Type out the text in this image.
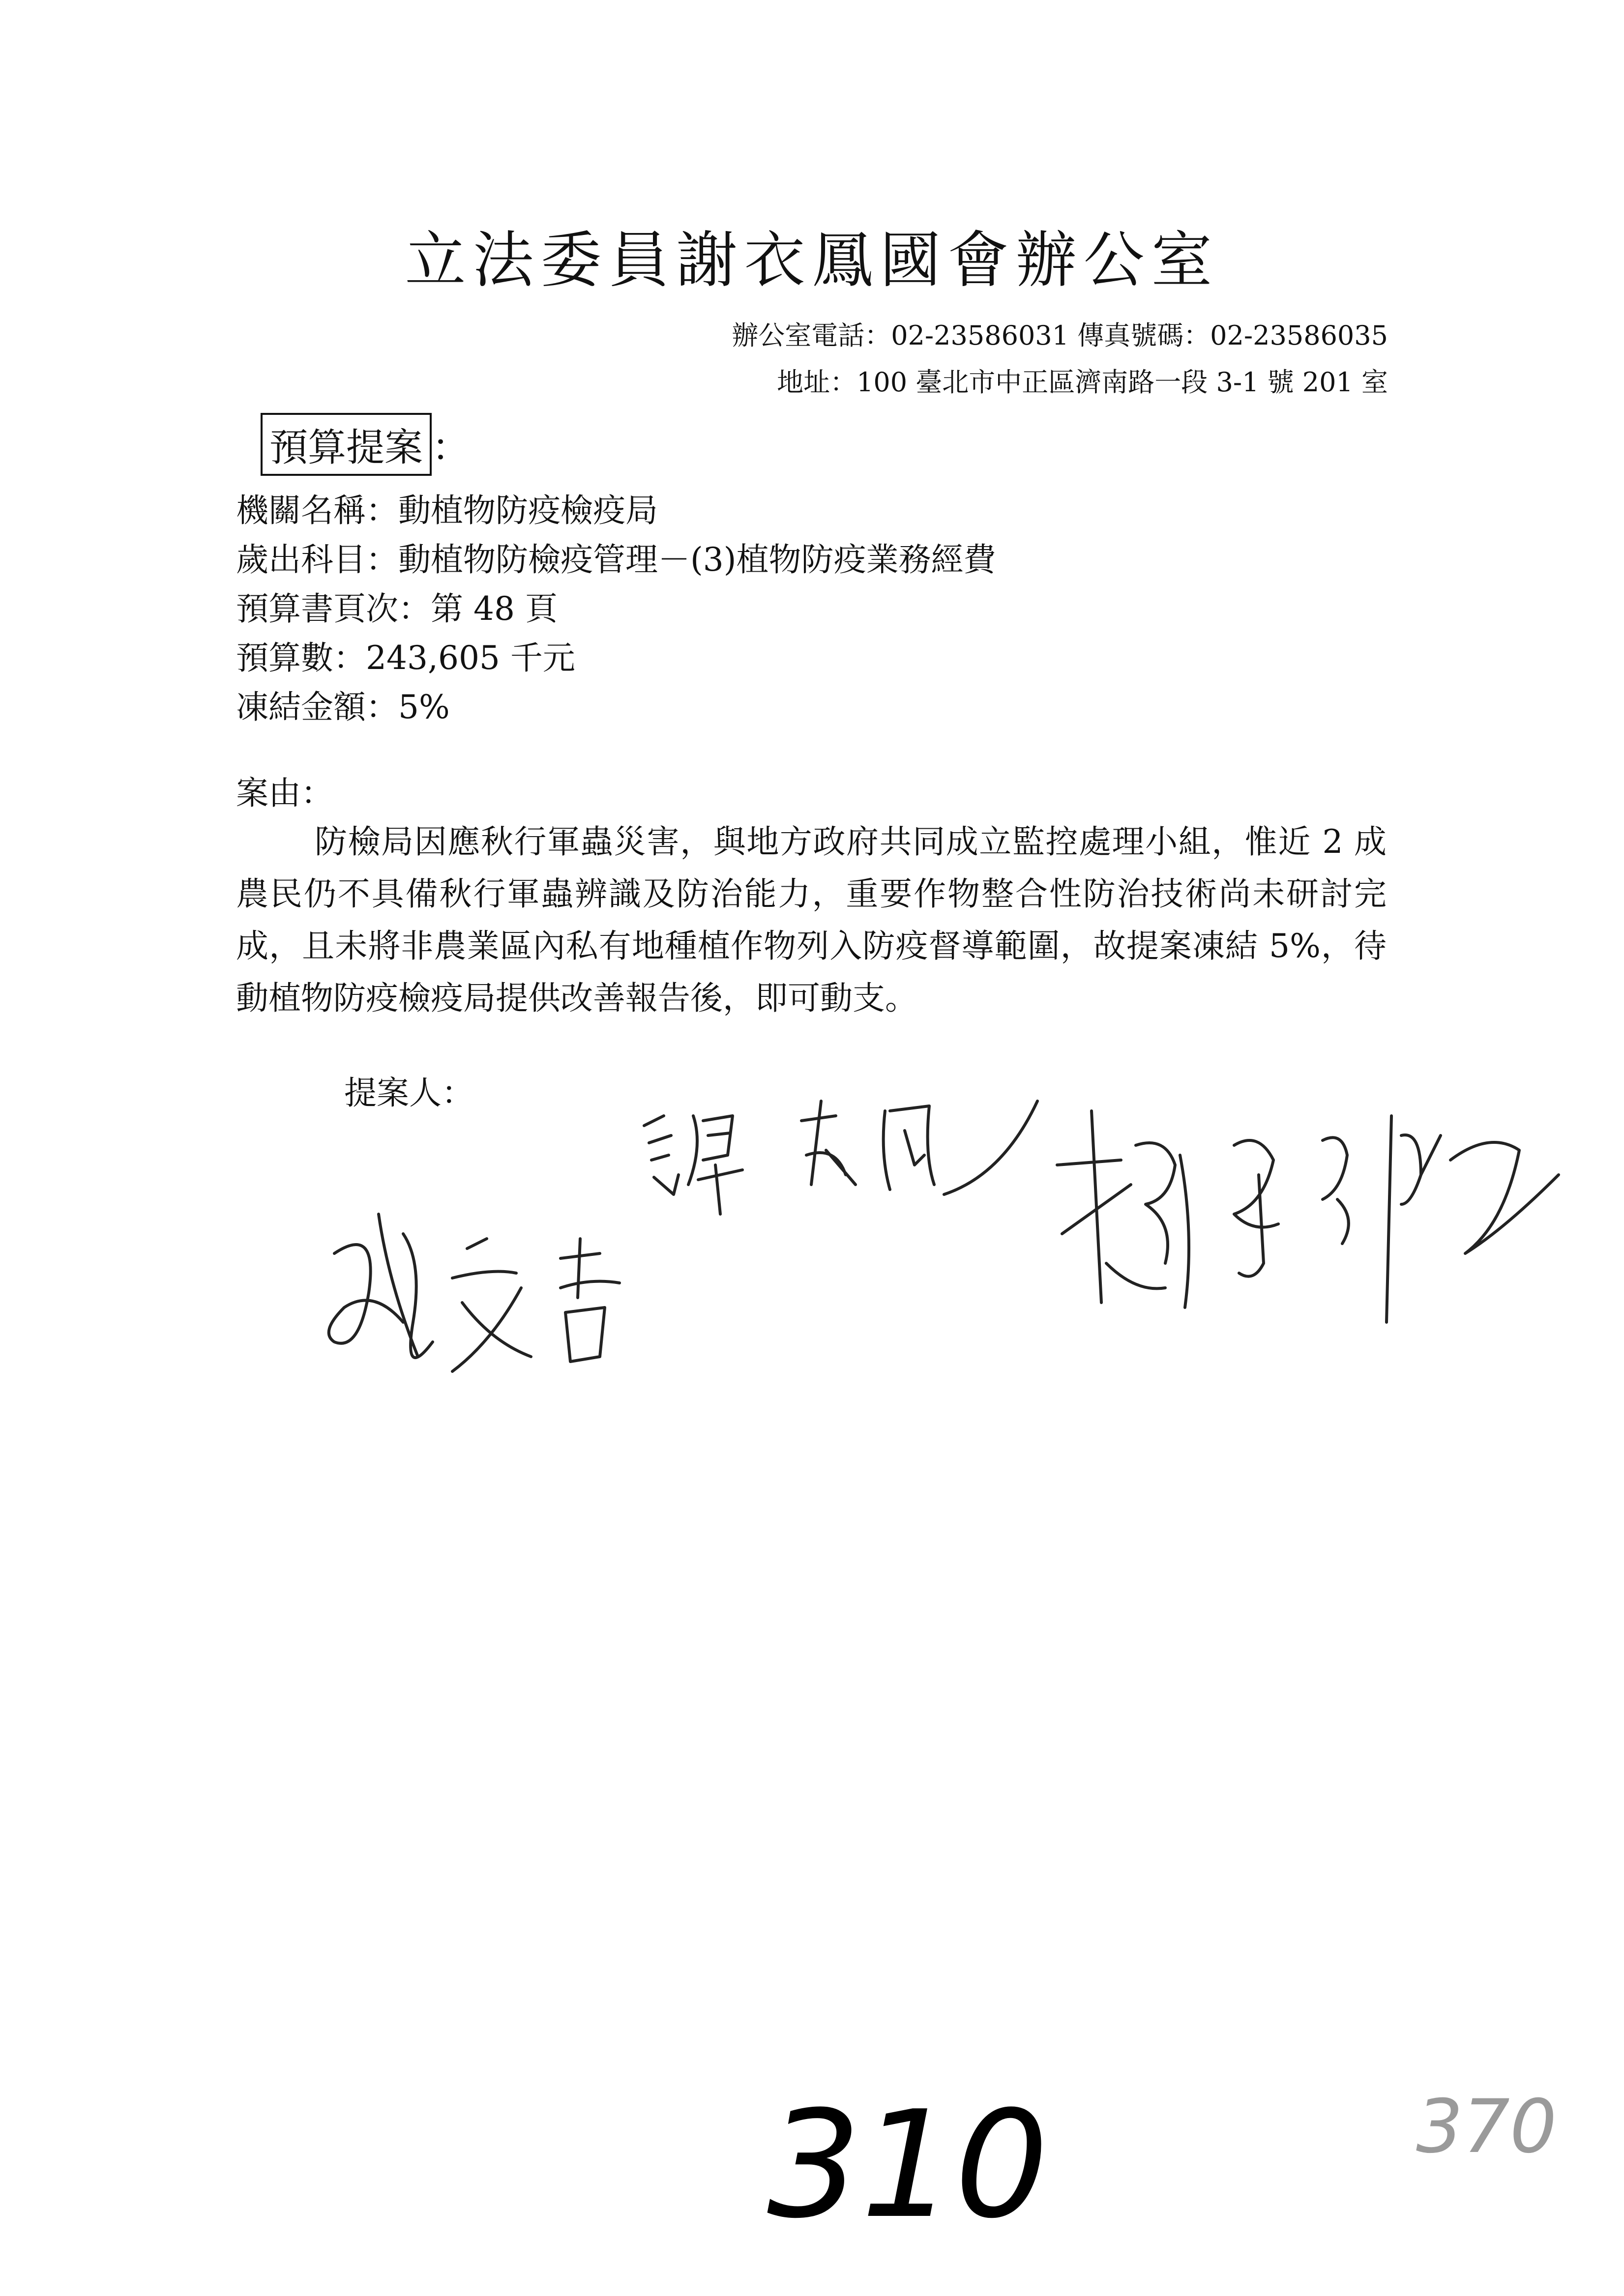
立法委員謝衣鳳國會辦公室
辦公室電話：02-23586031 傳真號碼：02-23586035
地址：100 臺北市中正區濟南路一段 3-1 號 201 室
預算提案 ：
機關名稱：動植物防疫檢疫局
歲出科目：動植物防檢疫管理－(3)植物防疫業務經費
預算書頁次：第 48 頁
預算數：243,605 千元
凍結金額：5%
案由：
防檢局因應秋行軍蟲災害，與地方政府共同成立監控處理小組，惟近 2 成農民仍不具備秋行軍蟲辨識及防治能力，重要作物整合性防治技術尚未研討完成，且未將非農業區內私有地種植作物列入防疫督導範圍，故提案凍結 5%，待動植物防疫檢疫局提供改善報告後，即可動支。
提案人：
310	370
